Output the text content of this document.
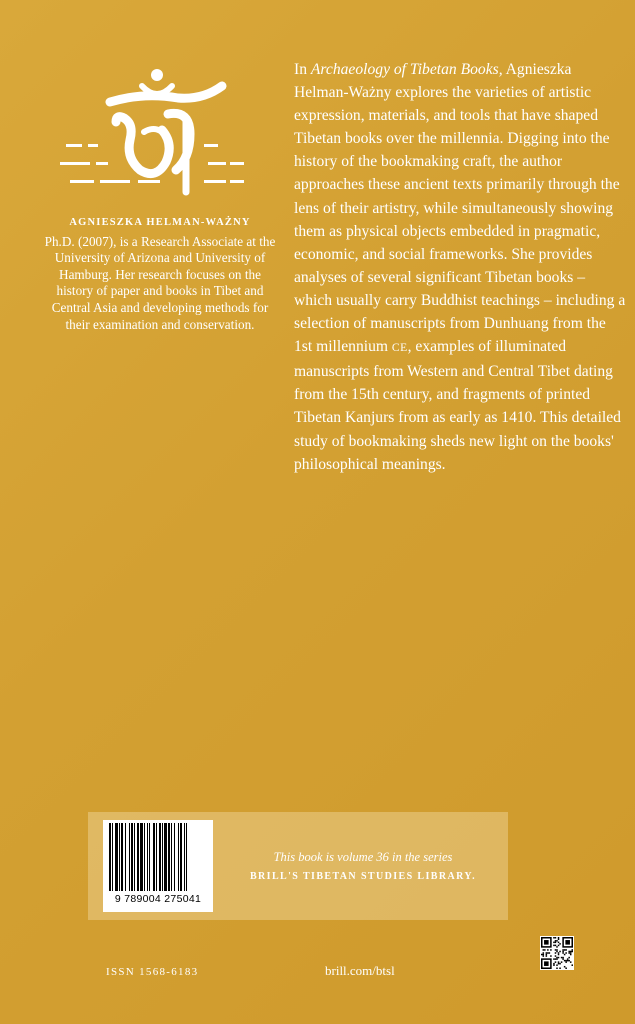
AGNIESZKA HELMAN-WAŻNY
Ph.D. (2007), is a Research Associate at the University of Arizona and University of Hamburg. Her research focuses on the history of paper and books in Tibet and Central Asia and developing methods for their examination and conservation.

In Archaeology of Tibetan Books, Agnieszka Helman-Ważny explores the varieties of artistic expression, materials, and tools that have shaped Tibetan books over the millennia. Digging into the history of the bookmaking craft, the author approaches these ancient texts primarily through the lens of their artistry, while simultaneously showing them as physical objects embedded in pragmatic, economic, and social frameworks. She provides analyses of several significant Tibetan books – which usually carry Buddhist teachings – including a selection of manuscripts from Dunhuang from the 1st millennium CE, examples of illuminated manuscripts from Western and Central Tibet dating from the 15th century, and fragments of printed Tibetan Kanjurs from as early as 1410. This detailed study of bookmaking sheds new light on the books' philosophical meanings.

9 789004 275041
This book is volume 36 in the series
BRILL'S TIBETAN STUDIES LIBRARY.
ISSN 1568-6183	brill.com/btsl
